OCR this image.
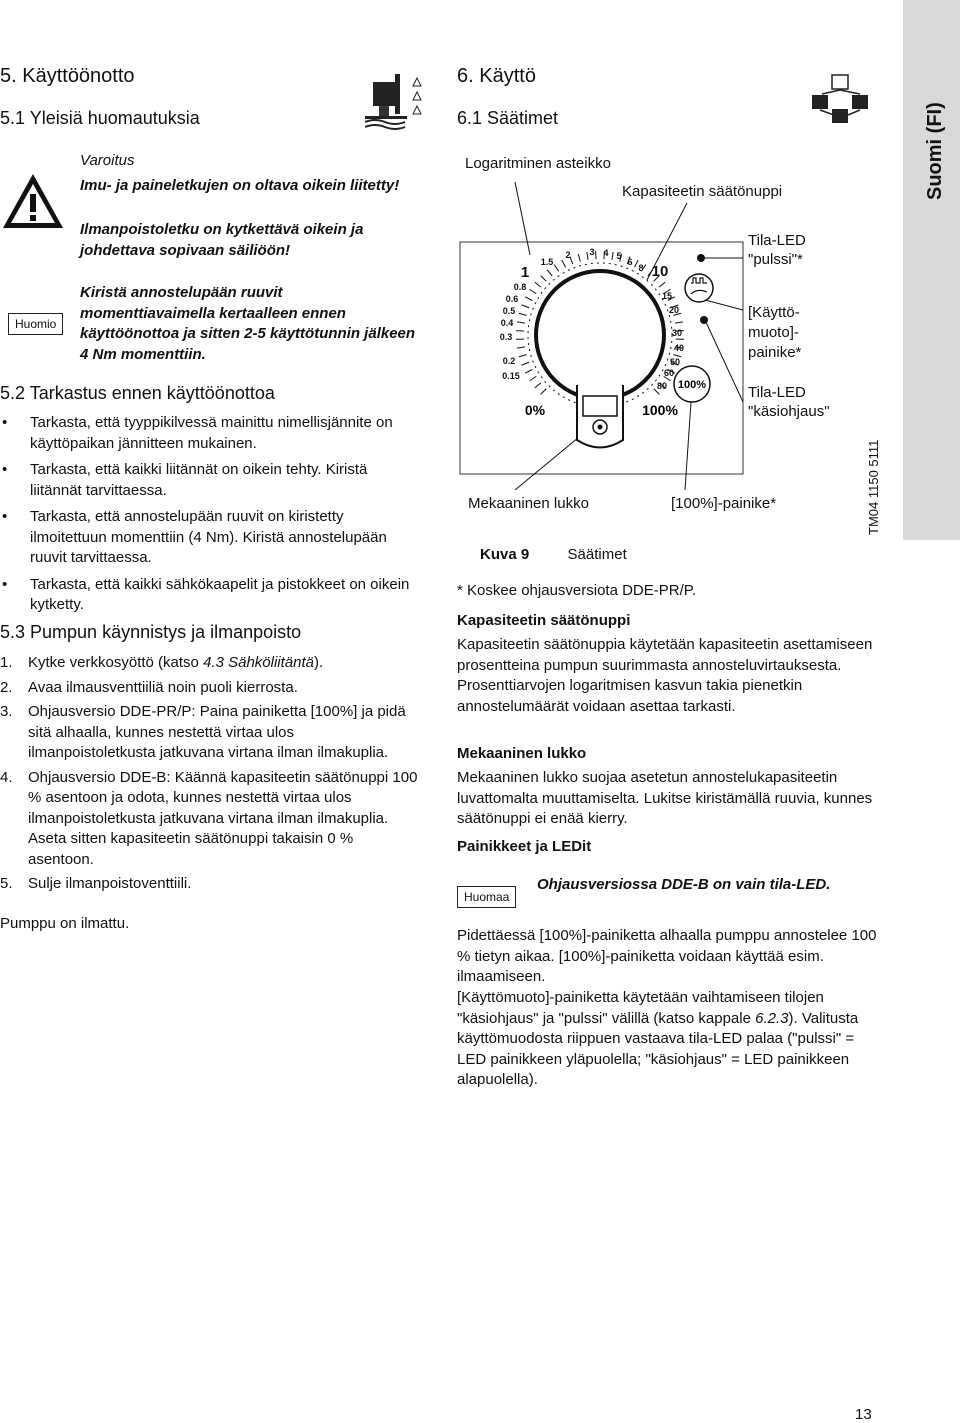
Suomi (FI)
5. Käyttöönotto
5.1 Yleisiä huomautuksia
Varoitus
Imu- ja paineletkujen on oltava oikein liitetty!
Ilmanpoistoletku on kytkettävä oikein ja johdettava sopivaan säiliöön!
Huomio
Kiristä annostelupään ruuvit momenttiavaimella kertaalleen ennen käyttöönottoa ja sitten 2-5 käyttötunnin jälkeen 4 Nm momenttiin.
5.2 Tarkastus ennen käyttöönottoa
• Tarkasta, että tyyppikilvessä mainittu nimellisjännite on käyttöpaikan jännitteen mukainen.
• Tarkasta, että kaikki liitännät on oikein tehty. Kiristä liitännät tarvittaessa.
• Tarkasta, että annostelupään ruuvit on kiristetty ilmoitettuun momenttiin (4 Nm). Kiristä annostelupään ruuvit tarvittaessa.
• Tarkasta, että kaikki sähkökaapelit ja pistokkeet on oikein kytketty.
5.3 Pumpun käynnistys ja ilmanpoisto
1. Kytke verkkosyöttö (katso 4.3 Sähköliitäntä).
2. Avaa ilmausventtiiliä noin puoli kierrosta.
3. Ohjausversio DDE-PR/P: Paina painiketta [100%] ja pidä sitä alhaalla, kunnes nestettä virtaa ulos ilmanpoistoletkusta jatkuvana virtana ilman ilmakuplia.
4. Ohjausversio DDE-B: Käännä kapasiteetin säätönuppi 100 % asentoon ja odota, kunnes nestettä virtaa ulos ilmanpoistoletkusta jatkuvana virtana ilman ilmakuplia. Aseta sitten kapasiteetin säätönuppi takaisin 0 % asentoon.
5. Sulje ilmanpoistoventtiili.
Pumppu on ilmattu.
6. Käyttö
6.1 Säätimet
Logaritminen asteikko
Kapasiteetin säätönuppi
Tila-LED
"pulssi"*
[Käyttö-
muoto]-
painike*
Tila-LED
"käsiohjaus"
Mekaaninen lukko	[100%]-painike*
100%
0%	100%
1
0.8
0.6
0.5
0.4
0.3
0.2
0.15
1.5
2 3 4 5
6
8 10
15
20
30
40
50
60
80
Kuva 9	Säätimet
* Koskee ohjausversiota DDE-PR/P.
Kapasiteetin säätönuppi
Kapasiteetin säätönuppia käytetään kapasiteetin asettamiseen prosentteina pumpun suurimmasta annosteluvirtauksesta. Prosenttiarvojen logaritmisen kasvun takia pienetkin annostelumäärät voidaan asettaa tarkasti.
Mekaaninen lukko
Mekaaninen lukko suojaa asetetun annostelukapasiteetin luvattomalta muuttamiselta. Lukitse kiristämällä ruuvia, kunnes säätönuppi ei enää kierry.
Painikkeet ja LEDit
Huomaa
Ohjausversiossa DDE-B on vain tila-LED.
Pidettäessä [100%]-painiketta alhaalla pumppu annostelee 100 % tietyn aikaa. [100%]-painiketta voidaan käyttää esim. ilmaamiseen.
[Käyttömuoto]-painiketta käytetään vaihtamiseen tilojen "käsiohjaus" ja "pulssi" välillä (katso kappale 6.2.3). Valitusta käyttömuodosta riippuen vastaava tila-LED palaa ("pulssi" = LED painikkeen yläpuolella; "käsiohjaus" = LED painikkeen alapuolella).
TM04 1150 5111
13
